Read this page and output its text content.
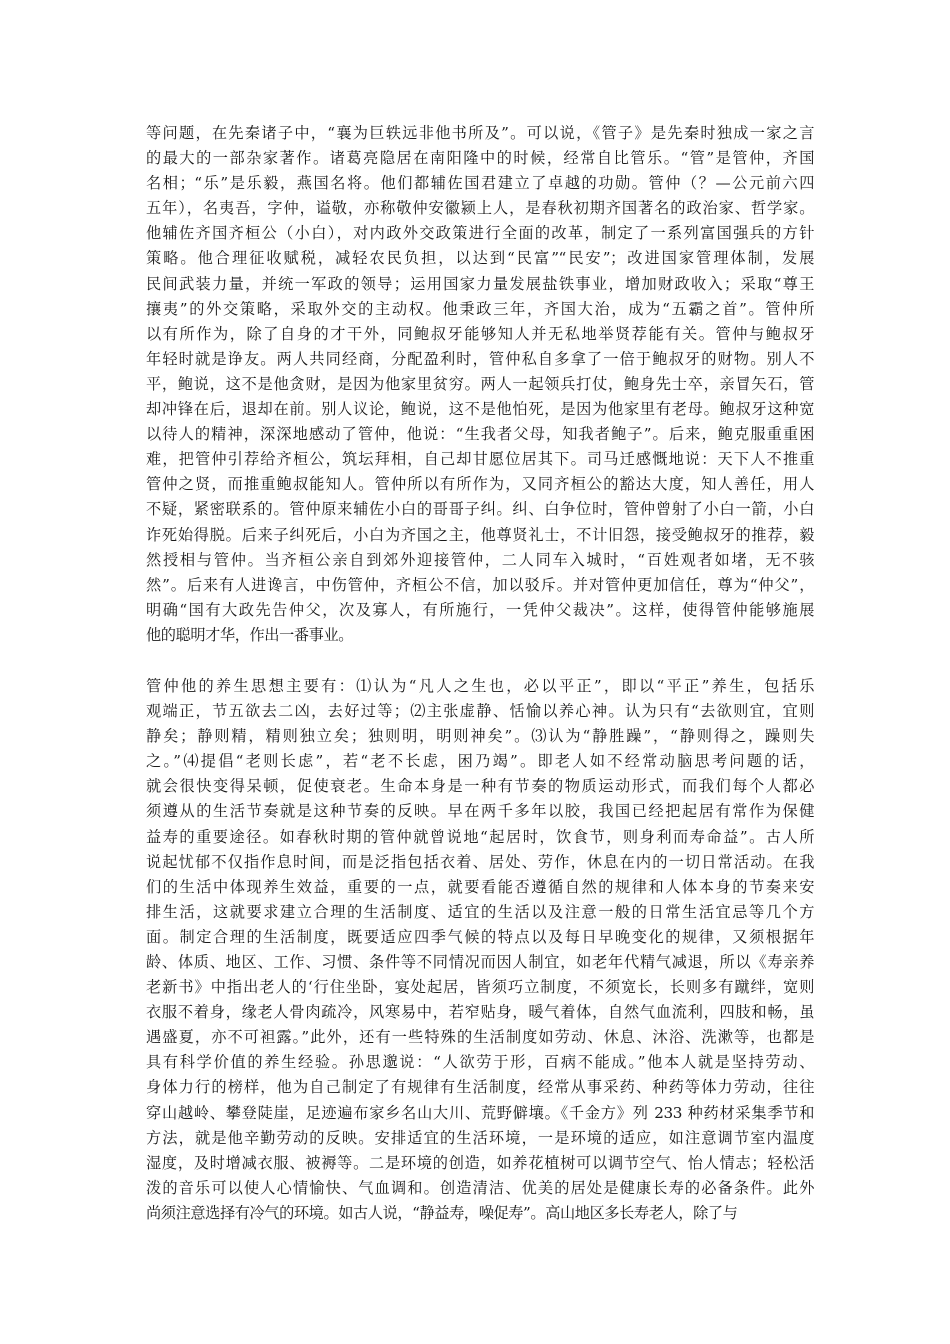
等问题，在先秦诸子中，“襄为巨轶远非他书所及”。可以说，《管子》是先秦时独成一家之言
的最大的一部杂家著作。诸葛亮隐居在南阳隆中的时候，经常自比管乐。“管”是管仲，齐国
名相；“乐”是乐毅，燕国名将。他们都辅佐国君建立了卓越的功勋。管仲（？—公元前六四
五年），名夷吾，字仲，谥敬，亦称敬仲安徽颍上人，是春秋初期齐国著名的政治家、哲学家。
他辅佐齐国齐桓公（小白），对内政外交政策进行全面的改革，制定了一系列富国强兵的方针
策略。他合理征收赋税，减轻农民负担，以达到“民富”“民安”；改进国家管理体制，发展
民间武装力量，并统一军政的领导；运用国家力量发展盐铁事业，增加财政收入；采取“尊王
攘夷”的外交策略，采取外交的主动权。他秉政三年，齐国大治，成为“五霸之首”。管仲所
以有所作为，除了自身的才干外，同鲍叔牙能够知人并无私地举贤荐能有关。管仲与鲍叔牙
年轻时就是诤友。两人共同经商，分配盈利时，管仲私自多拿了一倍于鲍叔牙的财物。别人不
平，鲍说，这不是他贪财，是因为他家里贫穷。两人一起领兵打仗，鲍身先士卒，亲冒矢石，管
却冲锋在后，退却在前。别人议论，鲍说，这不是他怕死，是因为他家里有老母。鲍叔牙这种宽
以待人的精神，深深地感动了管仲，他说：“生我者父母，知我者鲍子”。后来，鲍克服重重困
难，把管仲引荐给齐桓公，筑坛拜相，自己却甘愿位居其下。司马迁感慨地说：天下人不推重
管仲之贤，而推重鲍叔能知人。管仲所以有所作为，又同齐桓公的豁达大度，知人善任，用人
不疑，紧密联系的。管仲原来辅佐小白的哥哥子纠。纠、白争位时，管仲曾射了小白一箭，小白
诈死始得脱。后来子纠死后，小白为齐国之主，他尊贤礼士，不计旧怨，接受鲍叔牙的推荐，毅
然授相与管仲。当齐桓公亲自到郊外迎接管仲，二人同车入城时，“百姓观者如堵，无不骇
然”。后来有人进谗言，中伤管仲，齐桓公不信，加以驳斥。并对管仲更加信任，尊为“仲父”，
明确“国有大政先告仲父，次及寡人，有所施行，一凭仲父裁决”。这样，使得管仲能够施展
他的聪明才华，作出一番事业。
管仲他的养生思想主要有：⑴认为“凡人之生也，必以平正”，即以“平正”养生，包括乐
观端正，节五欲去二凶，去好过等；⑵主张虚静、恬愉以养心神。认为只有“去欲则宜，宜则
静矣；静则精，精则独立矣；独则明，明则神矣”。⑶认为“静胜躁”，“静则得之，躁则失
之。”⑷提倡“老则长虑”，若“老不长虑，困乃竭”。即老人如不经常动脑思考问题的话，
就会很快变得呆顿，促使衰老。生命本身是一种有节奏的物质运动形式，而我们每个人都必
须遵从的生活节奏就是这种节奏的反映。早在两千多年以胶，我国已经把起居有常作为保健
益寿的重要途径。如春秋时期的管仲就曾说地“起居时，饮食节，则身利而寿命益”。古人所
说起忧郁不仅指作息时间，而是泛指包括衣着、居处、劳作，休息在内的一切日常活动。在我
们的生活中体现养生效益，重要的一点，就要看能否遵循自然的规律和人体本身的节奏来安
排生活，这就要求建立合理的生活制度、适宜的生活以及注意一般的日常生活宜忌等几个方
面。制定合理的生活制度，既要适应四季气候的特点以及每日早晚变化的规律，又须根据年
龄、体质、地区、工作、习惯、条件等不同情况而因人制宜，如老年代精气减退，所以《寿亲养
老新书》中指出老人的‘行住坐卧，宴处起居，皆须巧立制度，不须宽长，长则多有蹴绊，宽则
衣服不着身，缘老人骨肉疏冷，风寒易中，若窄贴身，暖气着体，自然气血流利，四肢和畅，虽
遇盛夏，亦不可袒露。”此外，还有一些特殊的生活制度如劳动、休息、沐浴、洗漱等，也都是
具有科学价值的养生经验。孙思邈说：“人欲劳于形，百病不能成。”他本人就是坚持劳动、
身体力行的榜样，他为自己制定了有规律有生活制度，经常从事采药、种药等体力劳动，往往
穿山越岭、攀登陡崖，足迹遍布家乡名山大川、荒野僻壤。《千金方》列 233 种药材采集季节和
方法，就是他辛勤劳动的反映。安排适宜的生活环境，一是环境的适应，如注意调节室内温度
湿度，及时增减衣服、被褥等。二是环境的创造，如养花植树可以调节空气、怡人情志；轻松活
泼的音乐可以使人心情愉快、气血调和。创造清洁、优美的居处是健康长寿的必备条件。此外
尚须注意选择有冷气的环境。如古人说，“静益寿，噪促寿”。高山地区多长寿老人，除了与
